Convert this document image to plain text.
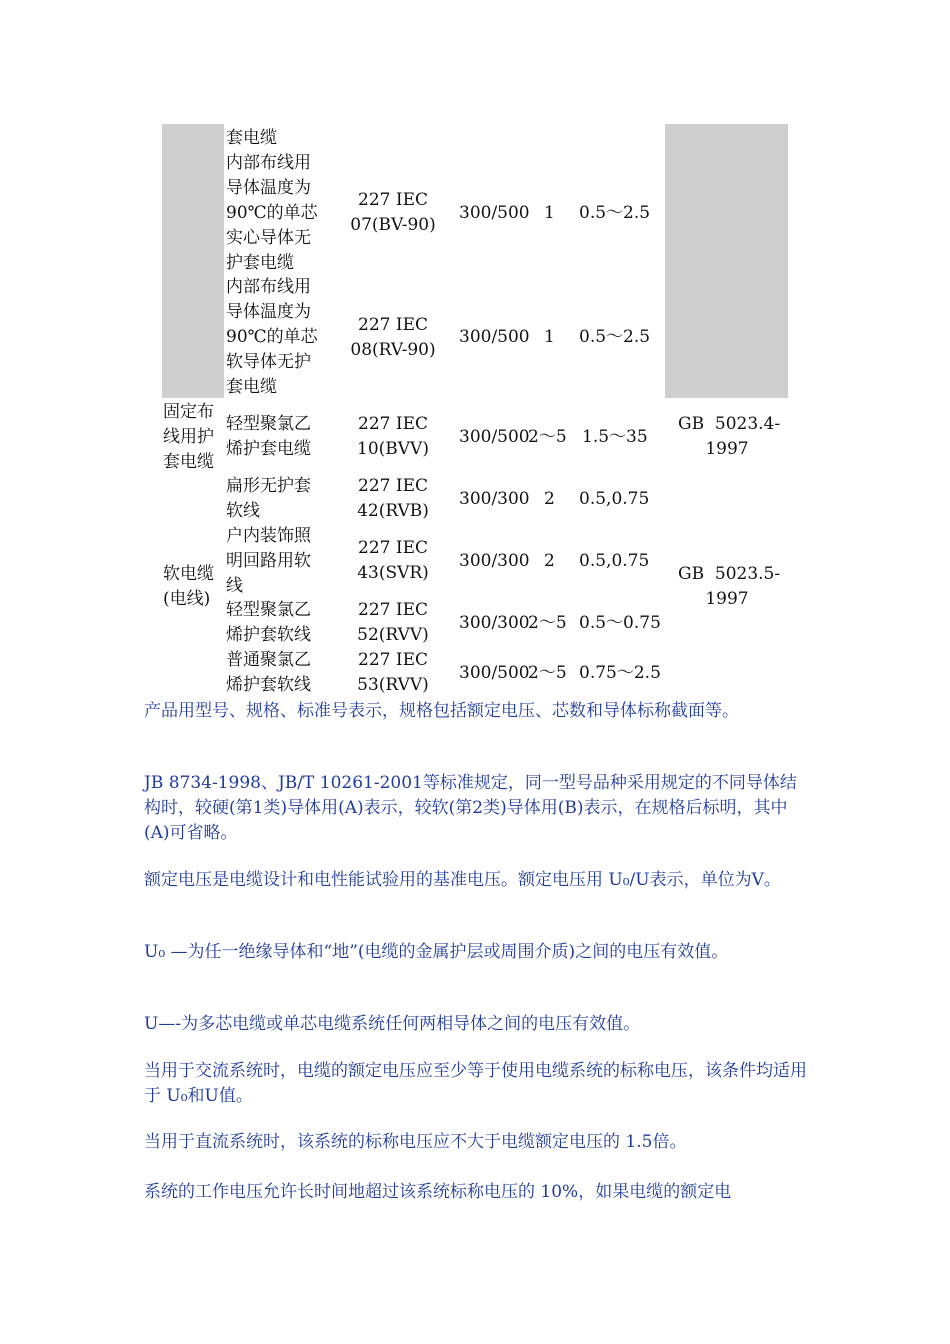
套电缆
内部布线用
导体温度为
90℃的单芯
实心导体无
护套电缆
227 IEC
07(BV-90)
300/500 1 0.5～2.5
内部布线用
导体温度为
90℃的单芯
软导体无护
套电缆
227 IEC
08(RV-90)
300/500 1 0.5～2.5
固定布
线用护
套电缆
轻型聚氯乙
烯护套电缆
227 IEC
10(BVV)
300/500
2～5 1.5～35
GB  5023.4-
1997
扁形无护套
软线
227 IEC
42(RVB)
300/300 2 0.5,0.75
软电缆
(电线)
户内装饰照
明回路用软
线
227 IEC
43(SVR)
300/300 2 0.5,0.75
GB  5023.5-
1997
轻型聚氯乙
烯护套软线
227 IEC
52(RVV)
300/300
2～5 0.5～0.75
普通聚氯乙
烯护套软线
227 IEC
53(RVV)
300/500
2～5 0.75～2.5
产品用型号、规格、标准号表示，规格包括额定电压、芯数和导体标称截面等。
JB 8734-1998、JB/T 10261-2001等标准规定，同一型号品种采用规定的不同导体结构时，较硬(第1类)导体用(A)表示，较软(第2类)导体用(B)表示，在规格后标明，其中(A)可省略。
额定电压是电缆设计和电性能试验用的基准电压。额定电压用 U₀/U表示，单位为V。
U₀ —为任一绝缘导体和“地”(电缆的金属护层或周围介质)之间的电压有效值。
U—-为多芯电缆或单芯电缆系统任何两相导体之间的电压有效值。
当用于交流系统时，电缆的额定电压应至少等于使用电缆系统的标称电压，该条件均适用于 U₀和U值。
当用于直流系统时，该系统的标称电压应不大于电缆额定电压的 1.5倍。
系统的工作电压允许长时间地超过该系统标称电压的 10%，如果电缆的额定电
